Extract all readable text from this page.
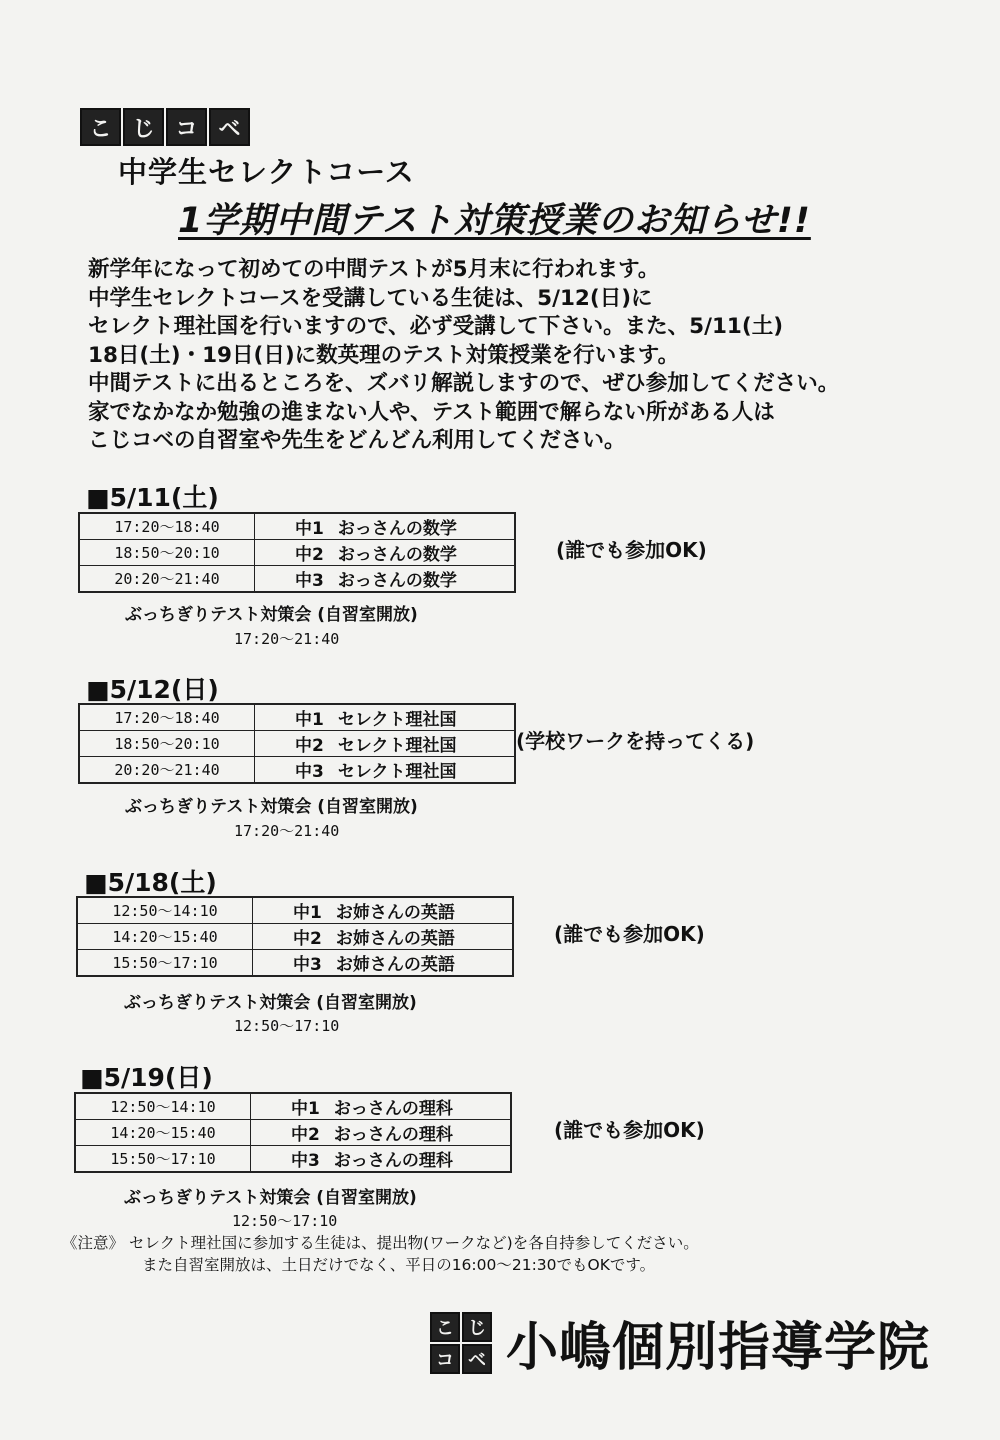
こ じ コ ベ
中学生セレクトコース
1学期中間テスト対策授業のお知らせ!!
新学年になって初めての中間テストが5月末に行われます。
中学生セレクトコースを受講している生徒は、5/12(日)に
セレクト理社国を行いますので、必ず受講して下さい。また、5/11(土)
18日(土)・19日(日)に数英理のテスト対策授業を行います。
中間テストに出るところを、ズバリ解説しますので、ぜひ参加してください。
家でなかなか勉強の進まない人や、テスト範囲で解らない所がある人は
こじコベの自習室や先生をどんどん利用してください。
■5/11(土)
17:20〜18:40	中1 おっさんの数学
18:50〜20:10	中2 おっさんの数学
20:20〜21:40	中3 おっさんの数学
(誰でも参加OK)
ぶっちぎりテスト対策会 (自習室開放)
17:20〜21:40
■5/12(日)
17:20〜18:40	中1 セレクト理社国
18:50〜20:10	中2 セレクト理社国
20:20〜21:40	中3 セレクト理社国
(学校ワークを持ってくる)
ぶっちぎりテスト対策会 (自習室開放)
17:20〜21:40
■5/18(土)
12:50〜14:10	中1 お姉さんの英語
14:20〜15:40	中2 お姉さんの英語
15:50〜17:10	中3 お姉さんの英語
(誰でも参加OK)
ぶっちぎりテスト対策会 (自習室開放)
12:50〜17:10
■5/19(日)
12:50〜14:10	中1 おっさんの理科
14:20〜15:40	中2 おっさんの理科
15:50〜17:10	中3 おっさんの理科
(誰でも参加OK)
ぶっちぎりテスト対策会 (自習室開放)
12:50〜17:10
《注意》 セレクト理社国に参加する生徒は、提出物(ワークなど)を各自持参してください。
また自習室開放は、土日だけでなく、平日の16:00〜21:30でもOKです。
こ じ
コ ベ 小嶋個別指導学院
